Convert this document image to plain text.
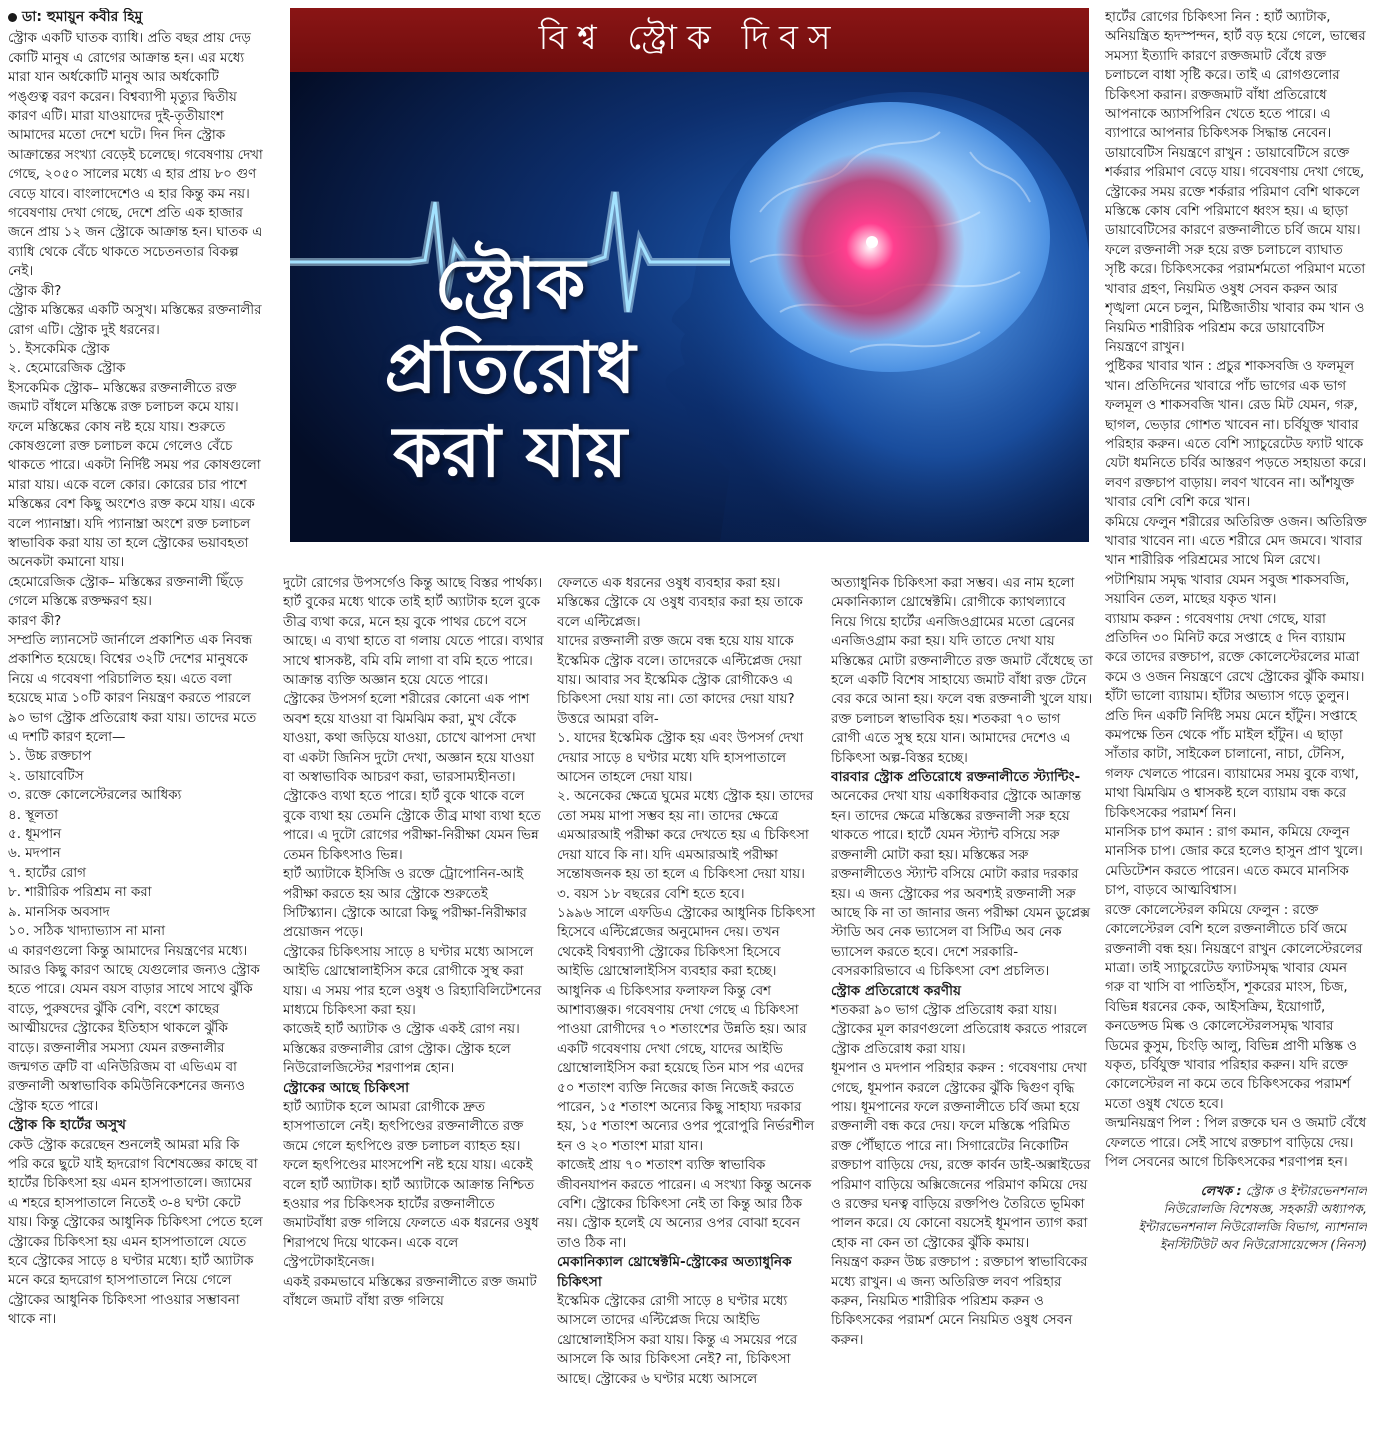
ডা: হুমায়ুন কবীর হিমু

স্ট্রোক একটি ঘাতক ব্যাধি। প্রতি বছর প্রায় দেড় কোটি মানুষ এ রোগের আক্রান্ত হন। এর মধ্যে মারা যান অর্ধকোটি মানুষ আর অর্ধকোটি পঙ্গুত্ব বরণ করেন। বিশ্বব্যাপী মৃত্যুর দ্বিতীয় কারণ এটি। মারা যাওয়াদের দুই-তৃতীয়াংশ আমাদের মতো দেশে ঘটে। দিন দিন স্ট্রোক আক্রান্তের সংখ্যা বেড়েই চলেছে। গবেষণায় দেখা গেছে, ২০৫০ সালের মধ্যে এ হার প্রায় ৮০ গুণ বেড়ে যাবে। বাংলাদেশেও এ হার কিন্তু কম নয়। গবেষণায় দেখা গেছে, দেশে প্রতি এক হাজার জনে প্রায় ১২ জন স্ট্রোকে আক্রান্ত হন। ঘাতক এ ব্যাধি থেকে বেঁচে থাকতে সচেতনতার বিকল্প নেই।

স্ট্রোক কী?

স্ট্রোক মস্তিষ্কের একটি অসুখ। মস্তিষ্কের রক্তনালীর রোগ এটি। স্ট্রোক দুই ধরনের।

১. ইসকেমিক স্ট্রোক

২. হেমোরেজিক স্ট্রোক

ইসকেমিক স্ট্রোক– মস্তিষ্কের রক্তনালীতে রক্ত জমাট বাঁধলে মস্তিষ্কে রক্ত চলাচল কমে যায়। ফলে মস্তিষ্কের কোষ নষ্ট হয়ে যায়। শুরুতে কোষগুলো রক্ত চলাচল কমে গেলেও বেঁচে থাকতে পারে। একটা নির্দিষ্ট সময় পর কোষগুলো মারা যায়। একে বলে কোর। কোরের চার পাশে মস্তিষ্কের বেশ কিছু অংশেও রক্ত কমে যায়। একে বলে প্যানাম্ব্রা। যদি প্যানাম্ব্রা অংশে রক্ত চলাচল স্বাভাবিক করা যায় তা হলে স্ট্রোকের ভয়াবহতা অনেকটা কমানো যায়।

হেমোরেজিক স্ট্রোক– মস্তিষ্কের রক্তনালী ছিঁড়ে গেলে মস্তিষ্কে রক্তক্ষরণ হয়।

কারণ কী?

সম্প্রতি ল্যানসেট জার্নালে প্রকাশিত এক নিবন্ধ প্রকাশিত হয়েছে। বিশ্বের ৩২টি দেশের মানুষকে নিয়ে এ গবেষণা পরিচালিত হয়। এতে বলা হয়েছে মাত্র ১০টি কারণ নিয়ন্ত্রণ করতে পারলে ৯০ ভাগ স্ট্রোক প্রতিরোধ করা যায়। তাদের মতে এ দশটি কারণ হলো—

১. উচ্চ রক্তচাপ

২. ডায়াবেটিস

৩. রক্তে কোলেস্টেরলের আধিক্য

৪. স্থূলতা

৫. ধূমপান

৬. মদপান

৭. হার্টের রোগ

৮. শারীরিক পরিশ্রম না করা

৯. মানসিক অবসাদ

১০. সঠিক খাদ্যাভ্যাস না মানা

এ কারণগুলো কিন্তু আমাদের নিয়ন্ত্রণের মধ্যে। আরও কিছু কারণ আছে যেগুলোর জন্যও স্ট্রোক হতে পারে। যেমন বয়স বাড়ার সাথে সাথে ঝুঁকি বাড়ে, পুরুষদের ঝুঁকি বেশি, বংশে কাছের আত্মীয়দের স্ট্রোকের ইতিহাস থাকলে ঝুঁকি বাড়ে। রক্তনালীর সমস্যা যেমন রক্তনালীর জন্মগত ত্রুটি বা এনিউরিজম বা এভিএম বা রক্তনালী অস্বাভাবিক কমিউনিকেশনের জন্যও স্ট্রোক হতে পারে।

স্ট্রোক কি হার্টের অসুখ

কেউ স্ট্রোক করেছেন শুনলেই আমরা মরি কি পরি করে ছুটে যাই হৃদরোগ বিশেষজ্ঞের কাছে বা হার্টের চিকিৎসা হয় এমন হাসপাতালে। জ্যামের এ শহরে হাসপাতালে নিতেই ৩-৪ ঘণ্টা কেটে যায়। কিন্তু স্ট্রোকের আধুনিক চিকিৎসা পেতে হলে স্ট্রোকের চিকিৎসা হয় এমন হাসপাতালে যেতে হবে স্ট্রোকের সাড়ে ৪ ঘণ্টার মধ্যে। হার্ট অ্যাটাক মনে করে হৃদরোগ হাসপাতালে নিয়ে গেলে স্ট্রোকের আধুনিক চিকিৎসা পাওয়ার সম্ভাবনা থাকে না।

বিশ্ব স্ট্রোক দিবস
স্ট্রোক
প্রতিরোধ
করা যায়

দুটো রোগের উপসর্গেও কিন্তু আছে বিস্তর পার্থক্য।

হার্ট বুকের মধ্যে থাকে তাই হার্ট অ্যাটাক হলে বুকে তীব্র ব্যথা করে, মনে হয় বুকে পাথর চেপে বসে আছে। এ ব্যথা হাতে বা গলায় যেতে পারে। ব্যথার সাথে শ্বাসকষ্ট, বমি বমি লাগা বা বমি হতে পারে। আক্রান্ত ব্যক্তি অজ্ঞান হয়ে যেতে পারে।

স্ট্রোকের উপসর্গ হলো শরীরের কোনো এক পাশ অবশ হয়ে যাওয়া বা ঝিমঝিম করা, মুখ বেঁকে যাওয়া, কথা জড়িয়ে যাওয়া, চোখে ঝাপসা দেখা বা একটা জিনিস দুটো দেখা, অজ্ঞান হয়ে যাওয়া বা অস্বাভাবিক আচরণ করা, ভারসাম্যহীনতা। স্ট্রোকেও ব্যথা হতে পারে। হার্ট বুকে থাকে বলে বুকে ব্যথা হয় তেমনি স্ট্রোকে তীব্র মাথা ব্যথা হতে পারে। এ দুটো রোগের পরীক্ষা-নিরীক্ষা যেমন ভিন্ন তেমন চিকিৎসাও ভিন্ন।

হার্ট অ্যাটাকে ইসিজি ও রক্তে ট্রোপোনিন-আই পরীক্ষা করতে হয় আর স্ট্রোকে শুরুতেই সিটিস্ক্যান। স্ট্রোকে আরো কিছু পরীক্ষা-নিরীক্ষার প্রয়োজন পড়ে।

স্ট্রোকের চিকিৎসায় সাড়ে ৪ ঘণ্টার মধ্যে আসলে আইভি থ্রোম্বোলাইসিস করে রোগীকে সুস্থ করা যায়। এ সময় পার হলে ওষুধ ও রিহ্যাবিলিটেশনের মাধ্যমে চিকিৎসা করা হয়।

কাজেই হার্ট অ্যাটাক ও স্ট্রোক একই রোগ নয়। মস্তিষ্কের রক্তনালীর রোগ স্ট্রোক। স্ট্রোক হলে নিউরোলজিস্টের শরণাপন্ন হোন।

স্ট্রোকের আছে চিকিৎসা

হার্ট অ্যাটাক হলে আমরা রোগীকে দ্রুত হাসপাতালে নেই। হৃৎপিণ্ডের রক্তনালীতে রক্ত জমে গেলে হৃৎপিণ্ডে রক্ত চলাচল ব্যাহত হয়। ফলে হৃৎপিণ্ডের মাংসপেশি নষ্ট হয়ে যায়। একেই বলে হার্ট অ্যাটাক। হার্ট অ্যাটাকে আক্রান্ত নিশ্চিত হওয়ার পর চিকিৎসক হার্টের রক্তনালীতে জমাটবাঁধা রক্ত গলিয়ে ফেলতে এক ধরনের ওষুধ শিরাপথে দিয়ে থাকেন। একে বলে স্ট্রেপটোকাইনেজ।

একই রকমভাবে মস্তিষ্কের রক্তনালীতে রক্ত জমাট বাঁধলে জমাট বাঁধা রক্ত গলিয়ে

ফেলতে এক ধরনের ওষুধ ব্যবহার করা হয়। মস্তিষ্কের স্ট্রোকে যে ওষুধ ব্যবহার করা হয় তাকে বলে এল্টিপ্লেজ।

যাদের রক্তনালী রক্ত জমে বন্ধ হয়ে যায় যাকে ইস্কেমিক স্ট্রোক বলে। তাদেরকে এল্টিপ্লেজ দেয়া যায়। আবার সব ইস্কেমিক স্ট্রোক রোগীকেও এ চিকিৎসা দেয়া যায় না। তো কাদের দেয়া যায়? উত্তরে আমরা বলি-

১. যাদের ইস্কেমিক স্ট্রোক হয় এবং উপসর্গ দেখা দেয়ার সাড়ে ৪ ঘণ্টার মধ্যে যদি হাসপাতালে আসেন তাহলে দেয়া যায়।

২. অনেকের ক্ষেত্রে ঘুমের মধ্যে স্ট্রোক হয়। তাদের তো সময় মাপা সম্ভব হয় না। তাদের ক্ষেত্রে এমআরআই পরীক্ষা করে দেখতে হয় এ চিকিৎসা দেয়া যাবে কি না। যদি এমআরআই পরীক্ষা সন্তোষজনক হয় তা হলে এ চিকিৎসা দেয়া যায়।

৩. বয়স ১৮ বছরের বেশি হতে হবে।

১৯৯৬ সালে এফডিএ স্ট্রোকের আধুনিক চিকিৎসা হিসেবে এল্টিপ্লেজের অনুমোদন দেয়। তখন থেকেই বিশ্বব্যাপী স্ট্রোকের চিকিৎসা হিসেবে আইভি থ্রোম্বোলাইসিস ব্যবহার করা হচ্ছে। আধুনিক এ চিকিৎসার ফলাফল কিন্তু বেশ আশাব্যঞ্জক। গবেষণায় দেখা গেছে এ চিকিৎসা পাওয়া রোগীদের ৭০ শতাংশের উন্নতি হয়। আর একটি গবেষণায় দেখা গেছে, যাদের আইভি থ্রোম্বোলাইসিস করা হয়েছে তিন মাস পর এদের ৫০ শতাংশ ব্যক্তি নিজের কাজ নিজেই করতে পারেন, ১৫ শতাংশ অন্যের কিছু সাহায্য দরকার হয়, ১৫ শতাংশ অন্যের ওপর পুরোপুরি নির্ভরশীল হন ও ২০ শতাংশ মারা যান।

কাজেই প্রায় ৭০ শতাংশ ব্যক্তি স্বাভাবিক জীবনযাপন করতে পারেন। এ সংখ্যা কিন্তু অনেক বেশি। স্ট্রোকের চিকিৎসা নেই তা কিন্তু আর ঠিক নয়। স্ট্রোক হলেই যে অন্যের ওপর বোঝা হবেন তাও ঠিক না।

মেকানিক্যাল থ্রোম্বেক্টমি-স্ট্রোকের অত্যাধুনিক চিকিৎসা

ইস্কেমিক স্ট্রোকের রোগী সাড়ে ৪ ঘণ্টার মধ্যে আসলে তাদের এল্টিপ্লেজ দিয়ে আইভি থ্রোম্বোলাইসিস করা যায়। কিন্তু এ সময়ের পরে আসলে কি আর চিকিৎসা নেই? না, চিকিৎসা আছে। স্ট্রোকের ৬ ঘণ্টার মধ্যে আসলে

অত্যাধুনিক চিকিৎসা করা সম্ভব। এর নাম হলো মেকানিক্যাল থ্রোম্বেক্টমি। রোগীকে ক্যাথল্যাবে নিয়ে গিয়ে হার্টের এনজিওগ্রামের মতো ব্রেনের এনজিওগ্রাম করা হয়। যদি তাতে দেখা যায় মস্তিষ্কের মোটা রক্তনালীতে রক্ত জমাট বেঁধেছে তা হলে একটি বিশেষ সাহায্যে জমাট বাঁধা রক্ত টেনে বের করে আনা হয়। ফলে বন্ধ রক্তনালী খুলে যায়। রক্ত চলাচল স্বাভাবিক হয়। শতকরা ৭০ ভাগ রোগী এতে সুস্থ হয়ে যান। আমাদের দেশেও এ চিকিৎসা অল্প-বিস্তর হচ্ছে।

বারবার স্ট্রোক প্রতিরোধে রক্তনালীতে স্ট্যান্টিং-

অনেকের দেখা যায় একাধিকবার স্ট্রোকে আক্রান্ত হন। তাদের ক্ষেত্রে মস্তিষ্কের রক্তনালী সরু হয়ে থাকতে পারে। হার্টে যেমন স্ট্যান্ট বসিয়ে সরু রক্তনালী মোটা করা হয়। মস্তিষ্কের সরু রক্তনালীতেও স্ট্যান্ট বসিয়ে মোটা করার দরকার হয়। এ জন্য স্ট্রোকের পর অবশ্যই রক্তনালী সরু আছে কি না তা জানার জন্য পরীক্ষা যেমন ডুপ্লেক্স স্টাডি অব নেক ভ্যাসেল বা সিটিএ অব নেক ভ্যাসেল করতে হবে। দেশে সরকারি-বেসরকারিভাবে এ চিকিৎসা বেশ প্রচলিত।

স্ট্রোক প্রতিরোধে করণীয়

শতকরা ৯০ ভাগ স্ট্রোক প্রতিরোধ করা যায়। স্ট্রোকের মূল কারণগুলো প্রতিরোধ করতে পারলে স্ট্রোক প্রতিরোধ করা যায়।

ধূমপান ও মদপান পরিহার করুন : গবেষণায় দেখা গেছে, ধূমপান করলে স্ট্রোকের ঝুঁকি দ্বিগুণ বৃদ্ধি পায়। ধূমপানের ফলে রক্তনালীতে চর্বি জমা হয়ে রক্তনালী বন্ধ করে দেয়। ফলে মস্তিষ্কে পরিমিত রক্ত পৌঁছাতে পারে না। সিগারেটের নিকোটিন রক্তচাপ বাড়িয়ে দেয়, রক্তে কার্বন ডাই-অক্সাইডের পরিমাণ বাড়িয়ে অক্সিজেনের পরিমাণ কমিয়ে দেয় ও রক্তের ঘনত্ব বাড়িয়ে রক্তপিণ্ড তৈরিতে ভূমিকা পালন করে। যে কোনো বয়সেই ধূমপান ত্যাগ করা হোক না কেন তা স্ট্রোকের ঝুঁকি কমায়।

নিয়ন্ত্রণ করুন উচ্চ রক্তচাপ : রক্তচাপ স্বাভাবিকের মধ্যে রাখুন। এ জন্য অতিরিক্ত লবণ পরিহার করুন, নিয়মিত শারীরিক পরিশ্রম করুন ও চিকিৎসকের পরামর্শ মেনে নিয়মিত ওষুধ সেবন করুন।

হার্টের রোগের চিকিৎসা নিন : হার্ট অ্যাটাক, অনিয়ন্ত্রিত হৃদস্পন্দন, হার্ট বড় হয়ে গেলে, ভাল্বের সমস্যা ইত্যাদি কারণে রক্তজমাট বেঁধে রক্ত চলাচলে বাধা সৃষ্টি করে। তাই এ রোগগুলোর চিকিৎসা করান। রক্তজমাট বাঁধা প্রতিরোধে আপনাকে অ্যাসপিরিন খেতে হতে পারে। এ ব্যাপারে আপনার চিকিৎসক সিদ্ধান্ত নেবেন।

ডায়াবেটিস নিয়ন্ত্রণে রাখুন : ডায়াবেটিসে রক্তে শর্করার পরিমাণ বেড়ে যায়। গবেষণায় দেখা গেছে, স্ট্রোকের সময় রক্তে শর্করার পরিমাণ বেশি থাকলে মস্তিষ্কে কোষ বেশি পরিমাণে ধ্বংস হয়। এ ছাড়া ডায়াবেটিসের কারণে রক্তনালীতে চর্বি জমে যায়। ফলে রক্তনালী সরু হয়ে রক্ত চলাচলে ব্যাঘাত সৃষ্টি করে। চিকিৎসকের পরামর্শমতো পরিমাণ মতো খাবার গ্রহণ, নিয়মিত ওষুধ সেবন করুন আর শৃঙ্খলা মেনে চলুন, মিষ্টিজাতীয় খাবার কম খান ও নিয়মিত শারীরিক পরিশ্রম করে ডায়াবেটিস নিয়ন্ত্রণে রাখুন।

পুষ্টিকর খাবার খান : প্রচুর শাকসবজি ও ফলমূল খান। প্রতিদিনের খাবারে পাঁচ ভাগের এক ভাগ ফলমূল ও শাকসবজি খান। রেড মিট যেমন, গরু, ছাগল, ভেড়ার গোশত খাবেন না। চর্বিযুক্ত খাবার পরিহার করুন। এতে বেশি স্যাচুরেটেড ফ্যাট থাকে যেটা ধমনিতে চর্বির আস্তরণ পড়তে সহায়তা করে। লবণ রক্তচাপ বাড়ায়। লবণ খাবেন না। আঁশযুক্ত খাবার বেশি বেশি করে খান।

কমিয়ে ফেলুন শরীরের অতিরিক্ত ওজন। অতিরিক্ত খাবার খাবেন না। এতে শরীরে মেদ জমবে। খাবার খান শারীরিক পরিশ্রমের সাথে মিল রেখে। পটাশিয়াম সমৃদ্ধ খাবার যেমন সবুজ শাকসবজি, সয়াবিন তেল, মাছের যকৃত খান।

ব্যায়াম করুন : গবেষণায় দেখা গেছে, যারা প্রতিদিন ৩০ মিনিট করে সপ্তাহে ৫ দিন ব্যায়াম করে তাদের রক্তচাপ, রক্তে কোলেস্টেরলের মাত্রা কমে ও ওজন নিয়ন্ত্রণে রেখে স্ট্রোকের ঝুঁকি কমায়। হাঁটা ভালো ব্যায়াম। হাঁটার অভ্যাস গড়ে তুলুন। প্রতি দিন একটি নির্দিষ্ট সময় মেনে হাঁটুন। সপ্তাহে কমপক্ষে তিন থেকে পাঁচ মাইল হাঁটুন। এ ছাড়া সাঁতার কাটা, সাইকেল চালানো, নাচা, টেনিস, গলফ খেলতে পারেন। ব্যায়ামের সময় বুকে ব্যথা, মাথা ঝিমঝিম ও শ্বাসকষ্ট হলে ব্যায়াম বন্ধ করে চিকিৎসকের পরামর্শ নিন।

মানসিক চাপ কমান : রাগ কমান, কমিয়ে ফেলুন মানসিক চাপ। জোর করে হলেও হাসুন প্রাণ খুলে। মেডিটেশন করতে পারেন। এতে কমবে মানসিক চাপ, বাড়বে আত্মবিশ্বাস।

রক্তে কোলেস্টেরল কমিয়ে ফেলুন : রক্তে কোলেস্টেরল বেশি হলে রক্তনালীতে চর্বি জমে রক্তনালী বন্ধ হয়। নিয়ন্ত্রণে রাখুন কোলেস্টেরলের মাত্রা। তাই স্যাচুরেটেড ফ্যাটসমৃদ্ধ খাবার যেমন গরু বা খাসি বা পাতিহাঁস, শূকরের মাংস, চিজ, বিভিন্ন ধরনের কেক, আইসক্রিম, ইয়োগার্ট, কনডেন্সড মিল্ক ও কোলেস্টেরলসমৃদ্ধ খাবার ডিমের কুসুম, চিংড়ি আলু, বিভিন্ন প্রাণী মস্তিষ্ক ও যকৃত, চর্বিযুক্ত খাবার পরিহার করুন। যদি রক্তে কোলেস্টেরল না কমে তবে চিকিৎসকের পরামর্শ মতো ওষুধ খেতে হবে।

জন্মনিয়ন্ত্রণ পিল : পিল রক্তকে ঘন ও জমাট বেঁধে ফেলতে পারে। সেই সাথে রক্তচাপ বাড়িয়ে দেয়। পিল সেবনের আগে চিকিৎসকের শরণাপন্ন হন।

লেখক : স্ট্রোক ও ইন্টারভেনশনাল
নিউরোলজি বিশেষজ্ঞ, সহকারী অধ্যাপক,
ইন্টারভেনশনাল নিউরোলজি বিভাগ, ন্যাশনাল
ইনস্টিটিউট অব নিউরোসায়েন্সেস (নিনস)
